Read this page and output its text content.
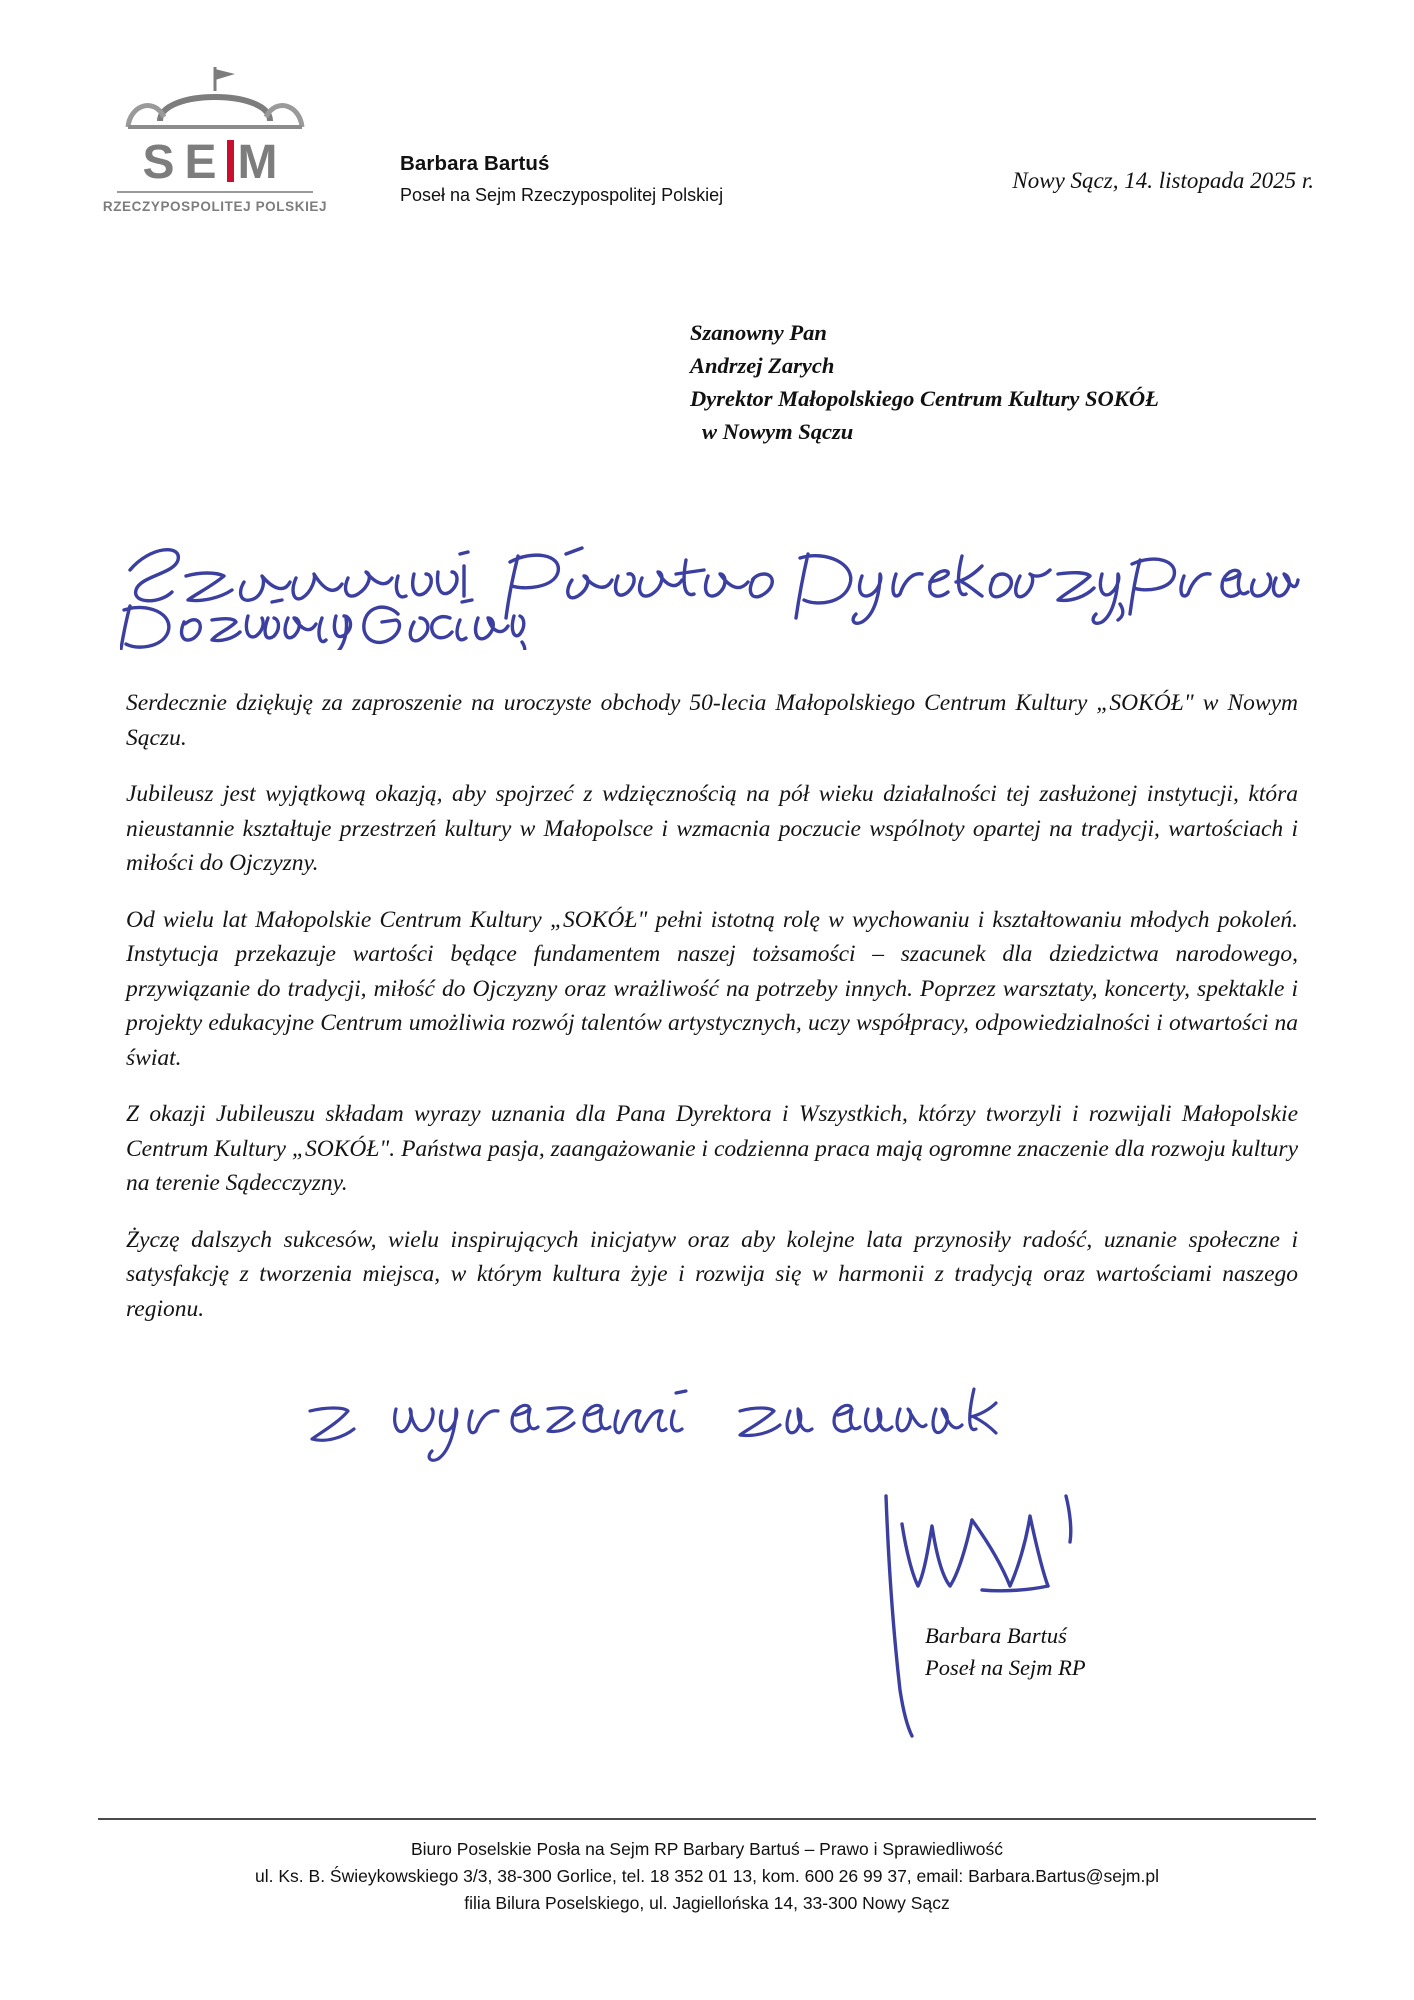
SE M
RZECZYPOSPOLITEJ POLSKIEJ
Barbara Bartuś
Poseł na Sejm Rzeczypospolitej Polskiej
Nowy Sącz, 14. listopada 2025 r.
Szanowny Pan
Andrzej Zarych
Dyrektor Małopolskiego Centrum Kultury SOKÓŁ
w Nowym Sączu

Serdecznie dziękuję za zaproszenie na uroczyste obchody 50-lecia Małopolskiego Centrum Kultury „SOKÓŁ" w Nowym Sączu.

Jubileusz jest wyjątkową okazją, aby spojrzeć z wdzięcznością na pół wieku działalności tej zasłużonej instytucji, która nieustannie kształtuje przestrzeń kultury w Małopolsce i wzmacnia poczucie wspólnoty opartej na tradycji, wartościach i miłości do Ojczyzny.

Od wielu lat Małopolskie Centrum Kultury „SOKÓŁ" pełni istotną rolę w wychowaniu i kształtowaniu młodych pokoleń. Instytucja przekazuje wartości będące fundamentem naszej tożsamości – szacunek dla dziedzictwa narodowego, przywiązanie do tradycji, miłość do Ojczyzny oraz wrażliwość na potrzeby innych. Poprzez warsztaty, koncerty, spektakle i projekty edukacyjne Centrum umożliwia rozwój talentów artystycznych, uczy współpracy, odpowiedzialności i otwartości na świat.

Z okazji Jubileuszu składam wyrazy uznania dla Pana Dyrektora i Wszystkich, którzy tworzyli i rozwijali Małopolskie Centrum Kultury „SOKÓŁ". Państwa pasja, zaangażowanie i codzienna praca mają ogromne znaczenie dla rozwoju kultury na terenie Sądecczyzny.

Życzę dalszych sukcesów, wielu inspirujących inicjatyw oraz aby kolejne lata przynosiły radość, uznanie społeczne i satysfakcję z tworzenia miejsca, w którym kultura żyje i rozwija się w harmonii z tradycją oraz wartościami naszego regionu.

Barbara Bartuś
Poseł na Sejm RP
Biuro Poselskie Posła na Sejm RP Barbary Bartuś – Prawo i Sprawiedliwość
ul. Ks. B. Świeykowskiego 3/3, 38-300 Gorlice, tel. 18 352 01 13, kom. 600 26 99 37, email: Barbara.Bartus@sejm.pl
filia Bilura Poselskiego, ul. Jagiellońska 14, 33-300 Nowy Sącz
